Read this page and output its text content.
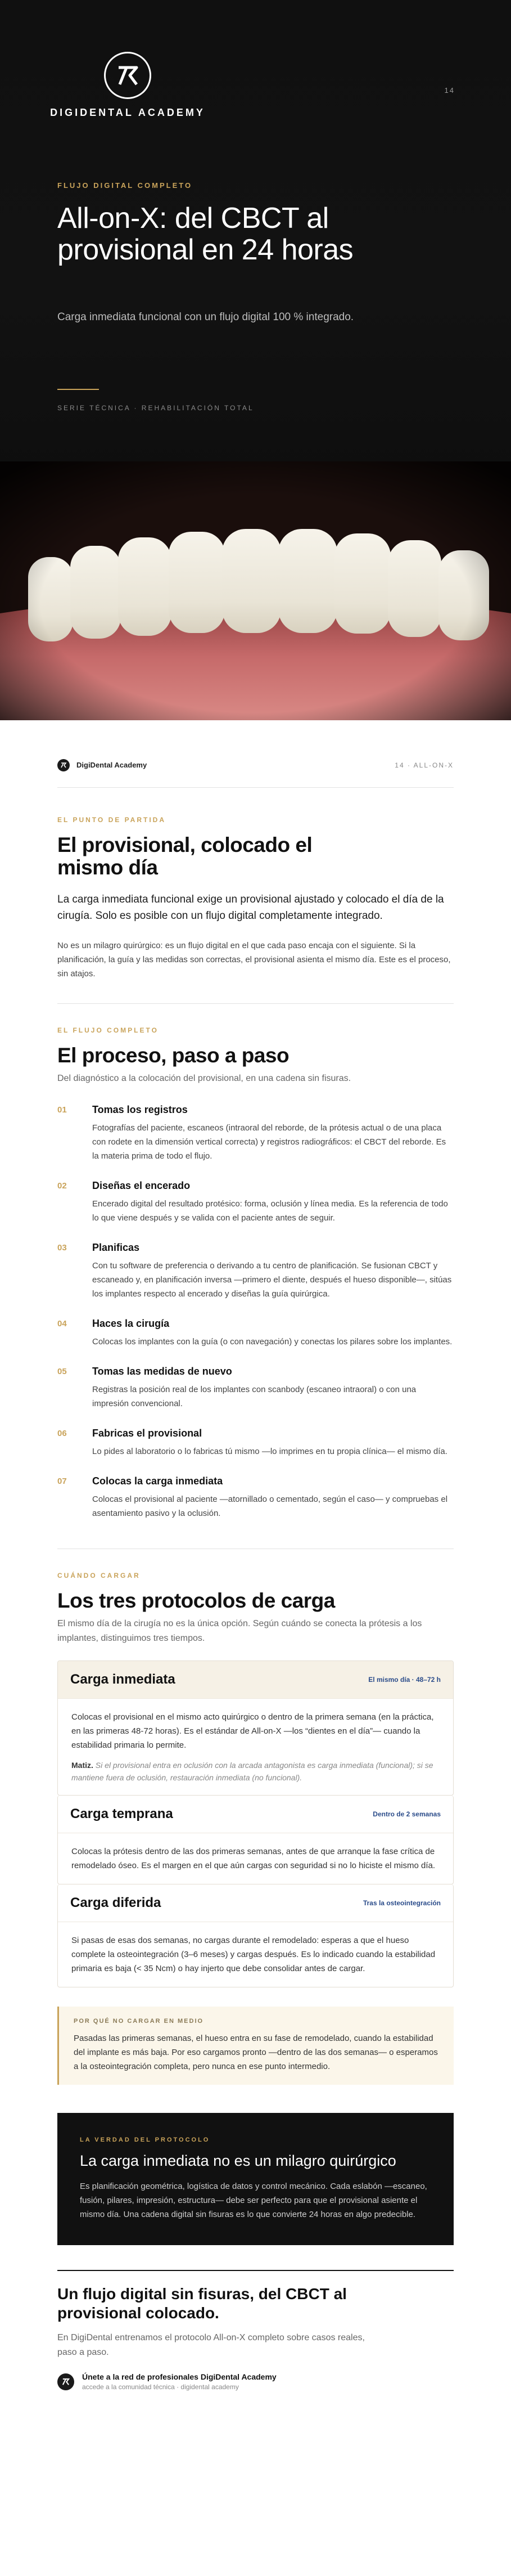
DIGIDENTAL ACADEMY
14
FLUJO DIGITAL COMPLETO
All-on-X: del CBCT al provisional en 24 horas
Carga inmediata funcional con un flujo digital 100 % integrado.
SERIE TÉCNICA · REHABILITACIÓN TOTAL
DigiDental Academy	14 · ALL-ON-X
EL PUNTO DE PARTIDA
El provisional, colocado el mismo día
La carga inmediata funcional exige un provisional ajustado y colocado el día de la cirugía. Solo es posible con un flujo digital completamente integrado.
No es un milagro quirúrgico: es un flujo digital en el que cada paso encaja con el siguiente. Si la planificación, la guía y las medidas son correctas, el provisional asienta el mismo día. Este es el proceso, sin atajos.
EL FLUJO COMPLETO
El proceso, paso a paso
Del diagnóstico a la colocación del provisional, en una cadena sin fisuras.
01	Tomas los registros
Fotografías del paciente, escaneos (intraoral del reborde, de la prótesis actual o de una placa con rodete en la dimensión vertical correcta) y registros radiográficos: el CBCT del reborde. Es la materia prima de todo el flujo.
02	Diseñas el encerado
Encerado digital del resultado protésico: forma, oclusión y línea media. Es la referencia de todo lo que viene después y se valida con el paciente antes de seguir.
03	Planificas
Con tu software de preferencia o derivando a tu centro de planificación. Se fusionan CBCT y escaneado y, en planificación inversa —primero el diente, después el hueso disponible—, sitúas los implantes respecto al encerado y diseñas la guía quirúrgica.
04	Haces la cirugía
Colocas los implantes con la guía (o con navegación) y conectas los pilares sobre los implantes.
05	Tomas las medidas de nuevo
Registras la posición real de los implantes con scanbody (escaneo intraoral) o con una impresión convencional.
06	Fabricas el provisional
Lo pides al laboratorio o lo fabricas tú mismo —lo imprimes en tu propia clínica— el mismo día.
07	Colocas la carga inmediata
Colocas el provisional al paciente —atornillado o cementado, según el caso— y compruebas el asentamiento pasivo y la oclusión.
CUÁNDO CARGAR
Los tres protocolos de carga
El mismo día de la cirugía no es la única opción. Según cuándo se conecta la prótesis a los implantes, distinguimos tres tiempos.
Carga inmediata	El mismo día · 48–72 h
Colocas el provisional en el mismo acto quirúrgico o dentro de la primera semana (en la práctica, en las primeras 48-72 horas). Es el estándar de All-on-X —los “dientes en el día”— cuando la estabilidad primaria lo permite.
Matiz. Si el provisional entra en oclusión con la arcada antagonista es carga inmediata (funcional); si se mantiene fuera de oclusión, restauración inmediata (no funcional).
Carga temprana	Dentro de 2 semanas
Colocas la prótesis dentro de las dos primeras semanas, antes de que arranque la fase crítica de remodelado óseo. Es el margen en el que aún cargas con seguridad si no lo hiciste el mismo día.
Carga diferida	Tras la osteointegración
Si pasas de esas dos semanas, no cargas durante el remodelado: esperas a que el hueso complete la osteointegración (3–6 meses) y cargas después. Es lo indicado cuando la estabilidad primaria es baja (< 35 Ncm) o hay injerto que debe consolidar antes de cargar.
POR QUÉ NO CARGAR EN MEDIO
Pasadas las primeras semanas, el hueso entra en su fase de remodelado, cuando la estabilidad del implante es más baja. Por eso cargamos pronto —dentro de las dos semanas— o esperamos a la osteointegración completa, pero nunca en ese punto intermedio.
LA VERDAD DEL PROTOCOLO
La carga inmediata no es un milagro quirúrgico
Es planificación geométrica, logística de datos y control mecánico. Cada eslabón —escaneo, fusión, pilares, impresión, estructura— debe ser perfecto para que el provisional asiente el mismo día. Una cadena digital sin fisuras es lo que convierte 24 horas en algo predecible.
Un flujo digital sin fisuras, del CBCT al provisional colocado.
En DigiDental entrenamos el protocolo All-on-X completo sobre casos reales, paso a paso.
Únete a la red de profesionales DigiDental Academy
accede a la comunidad técnica · digidental academy
